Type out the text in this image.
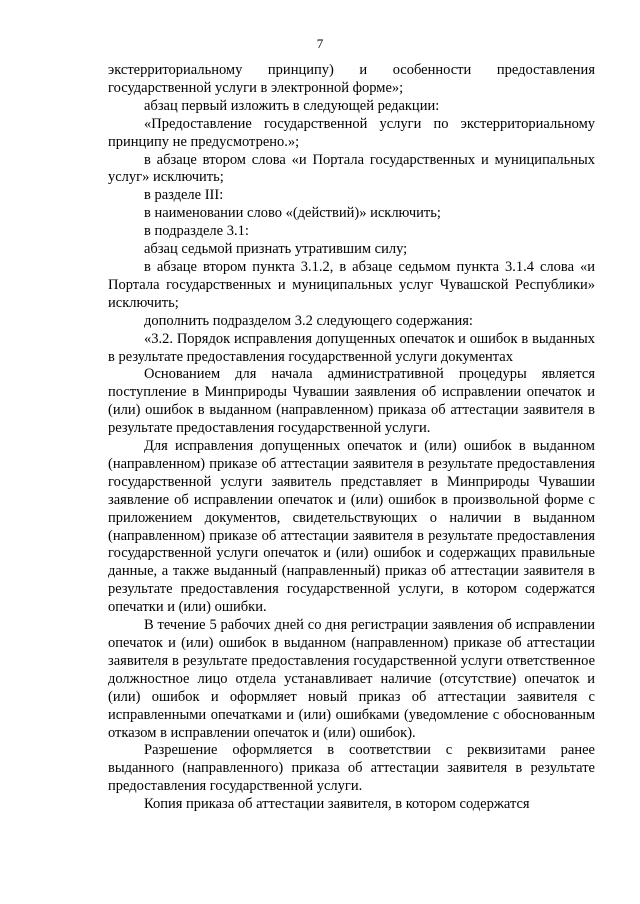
7

экстерриториальному принципу) и особенности предоставления государственной услуги в электронной форме»;

абзац первый изложить в следующей редакции:

«Предоставление государственной услуги по экстерриториальному принципу не предусмотрено.»;

в абзаце втором слова «и Портала государственных и муниципальных услуг» исключить;

в разделе III:

в наименовании слово «(действий)» исключить;

в подразделе 3.1:

абзац седьмой признать утратившим силу;

в абзаце втором пункта 3.1.2, в абзаце седьмом пункта 3.1.4 слова «и Портала государственных и муниципальных услуг Чувашской Республики» исключить;

дополнить подразделом 3.2 следующего содержания:

«3.2. Порядок исправления допущенных опечаток и ошибок в выданных в результате предоставления государственной услуги документах

Основанием для начала административной процедуры является поступление в Минприроды Чувашии заявления об исправлении опечаток и (или) ошибок в выданном (направленном) приказа об аттестации заявителя в результате предоставления государственной услуги.

Для исправления допущенных опечаток и (или) ошибок в выданном (направленном) приказе об аттестации заявителя в результате предоставления государственной услуги заявитель представляет в Минприроды Чувашии заявление об исправлении опечаток и (или) ошибок в произвольной форме с приложением документов, свидетельствующих о наличии в выданном (направленном) приказе об аттестации заявителя в результате предоставления государственной услуги опечаток и (или) ошибок и содержащих правильные данные, а также выданный (направленный) приказ об аттестации заявителя в результате предоставления государственной услуги, в котором содержатся опечатки и (или) ошибки.

В течение 5 рабочих дней со дня регистрации заявления об исправлении опечаток и (или) ошибок в выданном (направленном) приказе об аттестации заявителя в результате предоставления государственной услуги ответственное должностное лицо отдела устанавливает наличие (отсутствие) опечаток и (или) ошибок и оформляет новый приказ об аттестации заявителя с исправленными опечатками и (или) ошибками (уведомление с обоснованным отказом в исправлении опечаток и (или) ошибок).

Разрешение оформляется в соответствии с реквизитами ранее выданного (направленного) приказа об аттестации заявителя в результате предоставления государственной услуги.

Копия приказа об аттестации заявителя, в котором содержатся
